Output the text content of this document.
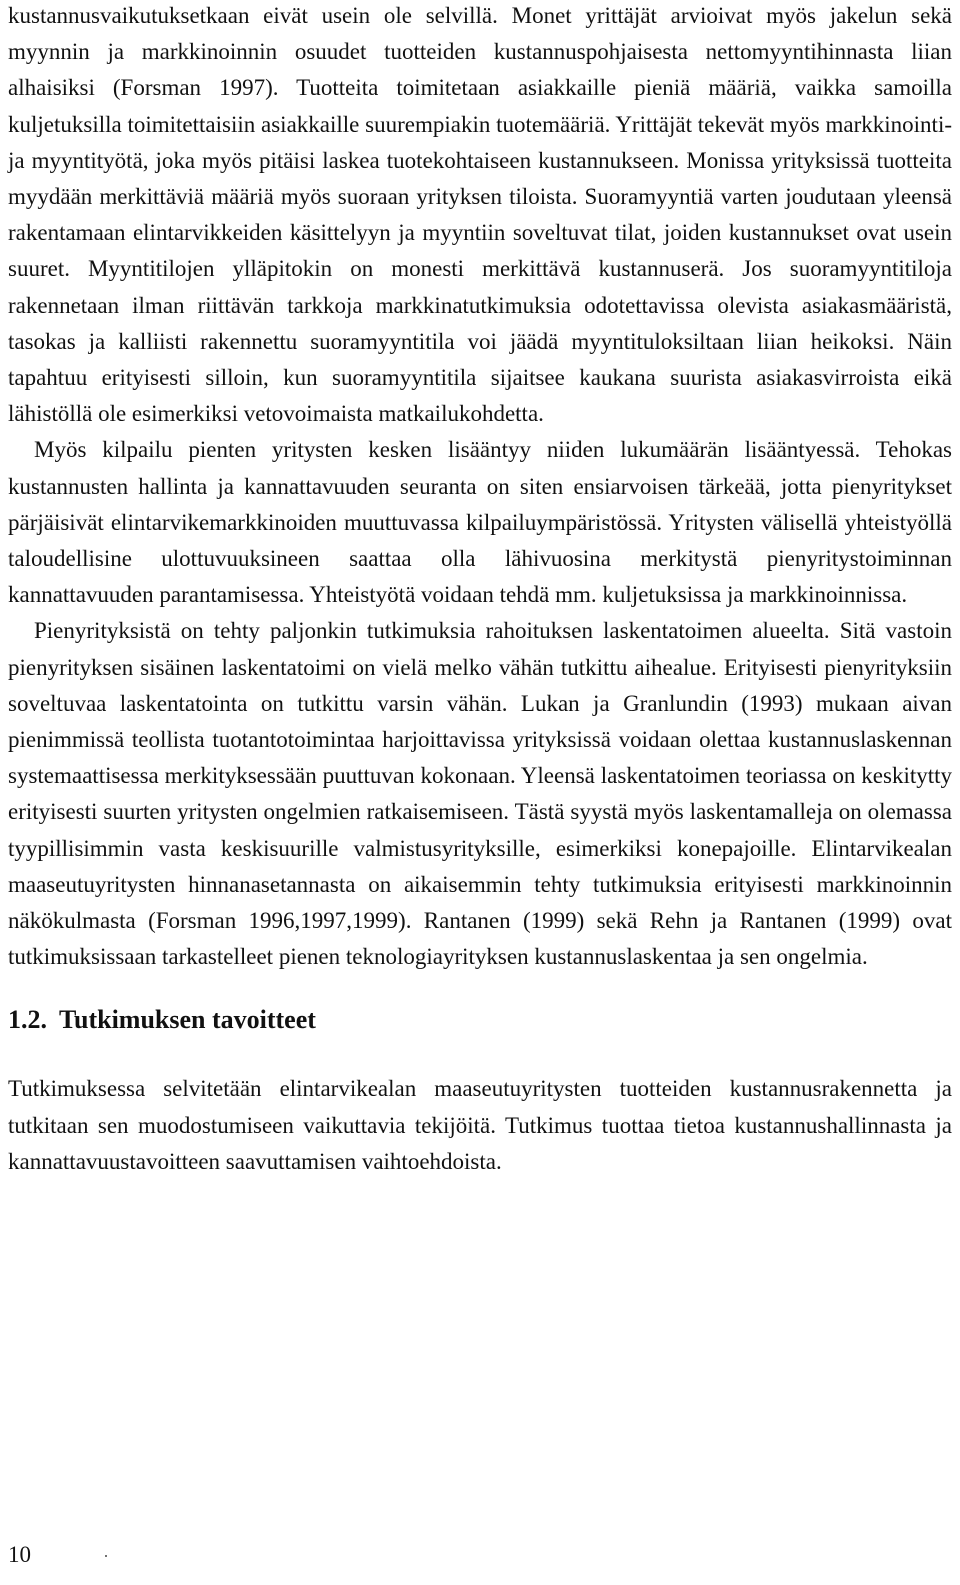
kustannusvaikutuksetkaan eivät usein ole selvillä. Monet yrittäjät arvioivat myös jakelun sekä myynnin ja markkinoinnin osuudet tuotteiden kustannuspohjaisesta nettomyyntihinnasta liian alhaisiksi (Forsman 1997). Tuotteita toimitetaan asiakkaille pieniä määriä, vaikka samoilla kuljetuksilla toimitettaisiin asiakkaille suurempiakin tuotemääriä. Yrittäjät tekevät myös markkinointi- ja myyntityötä, joka myös pitäisi laskea tuotekohtaiseen kustannukseen. Monissa yrityksissä tuotteita myydään merkittäviä määriä myös suoraan yrityksen tiloista. Suoramyyntiä varten joudutaan yleensä rakentamaan elintarvikkeiden käsittelyyn ja myyntiin soveltuvat tilat, joiden kustannukset ovat usein suuret. Myyntitilojen ylläpitokin on monesti merkittävä kustannuserä. Jos suoramyyntitiloja rakennetaan ilman riittävän tarkkoja markkinatutkimuksia odotettavissa olevista asiakasmääristä, tasokas ja kalliisti rakennettu suoramyyntitila voi jäädä myyntituloksiltaan liian heikoksi. Näin tapahtuu erityisesti silloin, kun suoramyyntitila sijaitsee kaukana suurista asiakasvirroista eikä lähistöllä ole esimerkiksi vetovoimaista matkailukohdetta.

Myös kilpailu pienten yritysten kesken lisääntyy niiden lukumäärän lisääntyessä. Tehokas kustannusten hallinta ja kannattavuuden seuranta on siten ensiarvoisen tärkeää, jotta pienyritykset pärjäisivät elintarvikemarkkinoiden muuttuvassa kilpailuympäristössä. Yritysten välisellä yhteistyöllä taloudellisine ulottuvuuksineen saattaa olla lähivuosina merkitystä pienyritystoiminnan kannattavuuden parantamisessa. Yhteistyötä voidaan tehdä mm. kuljetuksissa ja markkinoinnissa.

Pienyrityksistä on tehty paljonkin tutkimuksia rahoituksen laskentatoimen alueelta. Sitä vastoin pienyrityksen sisäinen laskentatoimi on vielä melko vähän tutkittu aihealue. Erityisesti pienyrityksiin soveltuvaa laskentatointa on tutkittu varsin vähän. Lukan ja Granlundin (1993) mukaan aivan pienimmissä teollista tuotantotoimintaa harjoittavissa yrityksissä voidaan olettaa kustannuslaskennan systemaattisessa merkityksessään puuttuvan kokonaan. Yleensä laskentatoimen teoriassa on keskitytty erityisesti suurten yritysten ongelmien ratkaisemiseen. Tästä syystä myös laskentamalleja on olemassa tyypillisimmin vasta keskisuurille valmistusyrityksille, esimerkiksi konepajoille. Elintarvikealan maaseutuyritysten hinnanasetannasta on aikaisemmin tehty tutkimuksia erityisesti markkinoinnin näkökulmasta (Forsman 1996,1997,1999). Rantanen (1999) sekä Rehn ja Rantanen (1999) ovat tutkimuksissaan tarkastelleet pienen teknologiayrityksen kustannuslaskentaa ja sen ongelmia.

1.2. Tutkimuksen tavoitteet

Tutkimuksessa selvitetään elintarvikealan maaseutuyritysten tuotteiden kustannusrakennetta ja tutkitaan sen muodostumiseen vaikuttavia tekijöitä. Tutkimus tuottaa tietoa kustannushallinnasta ja kannattavuustavoitteen saavuttamisen vaihtoehdoista.

10
